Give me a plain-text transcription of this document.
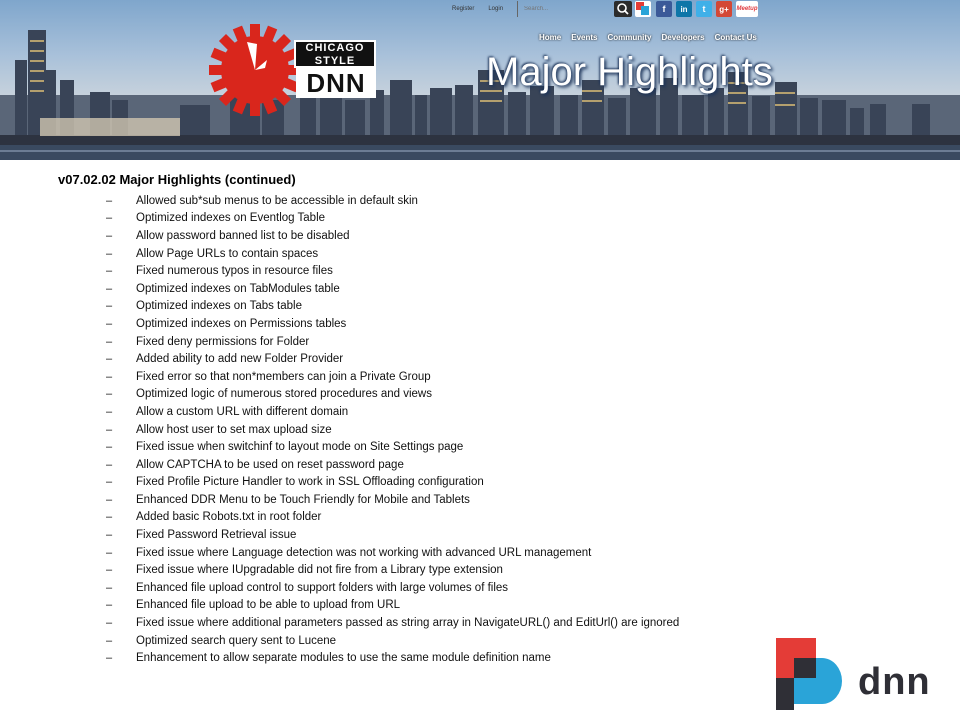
Register Login
Search...	f	in	t	g+	Meetup
Home Events Community Developers Contact Us
CHICAGO
STYLE
DNN	Major Highlights
v07.02.02 Major Highlights (continued)
–	Allowed sub*sub menus to be accessible in default skin
–	Optimized indexes on Eventlog Table
–	Allow password banned list to be disabled
–	Allow Page URLs to contain spaces
–	Fixed numerous typos in resource files
–	Optimized indexes on TabModules table
–	Optimized indexes on Tabs table
–	Optimized indexes on Permissions tables
–	Fixed deny permissions for Folder
–	Added ability to add new Folder Provider
–	Fixed error so that non*members can join a Private Group
–	Optimized logic of numerous stored procedures and views
–	Allow a custom URL with different domain
–	Allow host user to set max upload size
–	Fixed issue when switchinf to layout mode on Site Settings page
–	Allow CAPTCHA to be used on reset password page
–	Fixed Profile Picture Handler to work in SSL Offloading configuration
–	Enhanced DDR Menu to be Touch Friendly for Mobile and Tablets
–	Added basic Robots.txt in root folder
–	Fixed Password Retrieval issue
–	Fixed issue where Language detection was not working with advanced URL management
–	Fixed issue where IUpgradable did not fire from a Library type extension
–	Enhanced file upload control to support folders with large volumes of files
–	Enhanced file upload to be able to upload from URL
–	Fixed issue where additional parameters passed as string array in NavigateURL() and EditUrl() are ignored
–	Optimized search query sent to Lucene
–	Enhancement to allow separate modules to use the same module definition name
dnn
